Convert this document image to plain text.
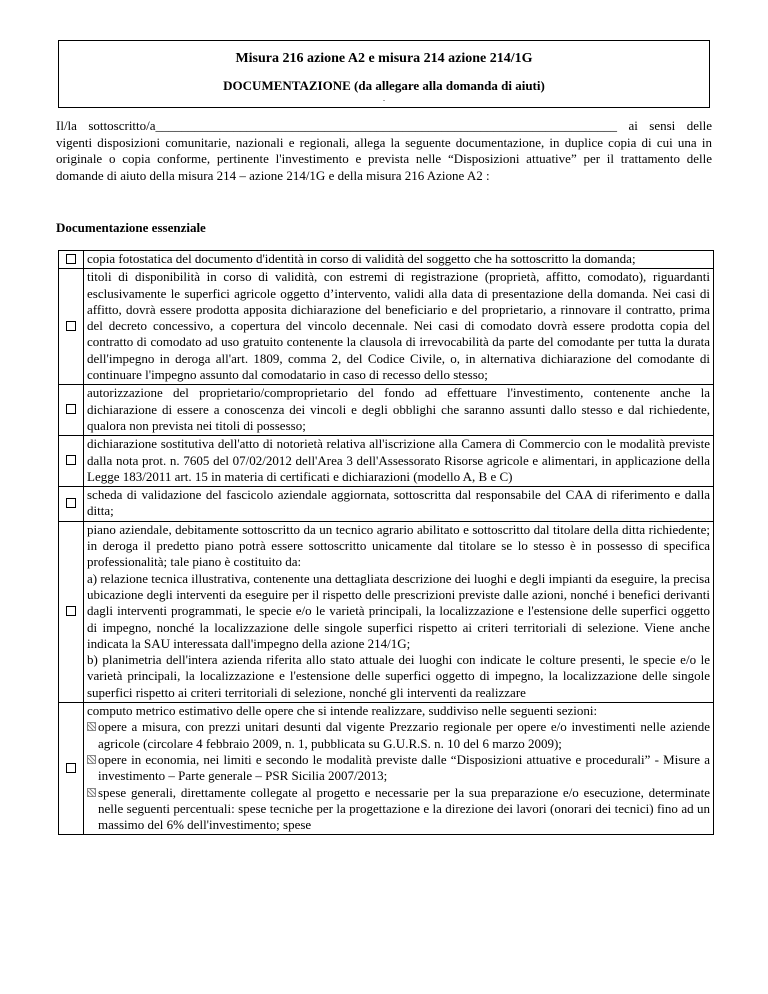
Misura 216 azione A2 e misura 214 azione 214/1G
DOCUMENTAZIONE (da allegare alla domanda di aiuti)
.
Il/la sottoscritto/a_______________________________________________________________________ ai sensi delle vigenti disposizioni comunitarie, nazionali e regionali, allega la seguente documentazione, in duplice copia di cui una in originale o copia conforme, pertinente l'investimento e prevista nelle “Disposizioni attuative” per il trattamento delle domande di aiuto della misura 214 – azione 214/1G e della misura 216 Azione A2 :
Documentazione essenziale

	copia fotostatica del documento d'identità in corso di validità del soggetto che ha sottoscritto la domanda;

	titoli di disponibilità in corso di validità, con estremi di registrazione (proprietà, affitto, comodato), riguardanti esclusivamente le superfici agricole oggetto d’intervento, validi alla data di presentazione della domanda. Nei casi di affitto, dovrà essere prodotta apposita dichiarazione del beneficiario e del proprietario, a rinnovare il contratto, prima del decreto concessivo, a copertura del vincolo decennale. Nei casi di comodato dovrà essere prodotta copia del contratto di comodato ad uso gratuito contenente la clausola di irrevocabilità da parte del comodante per tutta la durata dell'impegno in deroga all'art. 1809, comma 2, del Codice Civile, o, in alternativa dichiarazione del comodante di continuare l'impegno assunto dal comodatario in caso di recesso dello stesso;

	autorizzazione del proprietario/comproprietario del fondo ad effettuare l'investimento, contenente anche la dichiarazione di essere a conoscenza dei vincoli e degli obblighi che saranno assunti dallo stesso e dal richiedente, qualora non prevista nei titoli di possesso;

	dichiarazione sostitutiva dell'atto di notorietà relativa all'iscrizione alla Camera di Commercio con le modalità previste dalla nota prot. n. 7605 del 07/02/2012 dell'Area 3 dell'Assessorato Risorse agricole e alimentari, in applicazione della Legge 183/2011 art. 15 in materia di certificati e dichiarazioni (modello A, B e C)

	scheda di validazione del fascicolo aziendale aggiornata, sottoscritta dal responsabile del CAA di riferimento e dalla ditta;

	piano aziendale, debitamente sottoscritto da un tecnico agrario abilitato e sottoscritto dal titolare della ditta richiedente; in deroga il predetto piano potrà essere sottoscritto unicamente dal titolare se lo stesso è in possesso di specifica professionalità; tale piano è costituito da:
a) relazione tecnica illustrativa, contenente una dettagliata descrizione dei luoghi e degli impianti da eseguire, la precisa ubicazione degli interventi da eseguire per il rispetto delle prescrizioni previste dalle azioni, nonché i benefici derivanti dagli interventi programmati, le specie e/o le varietà principali, la localizzazione e l'estensione delle superfici oggetto di impegno, nonché la localizzazione delle singole superfici rispetto ai criteri territoriali di selezione. Viene anche indicata la SAU interessata dall'impegno della azione 214/1G;
b) planimetria dell'intera azienda riferita allo stato attuale dei luoghi con indicate le colture presenti, le specie e/o le varietà principali, la localizzazione e l'estensione delle superfici oggetto di impegno, la localizzazione delle singole superfici rispetto ai criteri territoriali di selezione, nonché gli interventi da realizzare

	computo metrico estimativo delle opere che si intende realizzare, suddiviso nelle seguenti sezioni:
opere a misura, con prezzi unitari desunti dal vigente Prezzario regionale per opere e/o investimenti nelle aziende agricole (circolare 4 febbraio 2009, n. 1, pubblicata su G.U.R.S. n. 10 del 6 marzo 2009);
opere in economia, nei limiti e secondo le modalità previste dalle “Disposizioni attuative e procedurali” - Misure a investimento – Parte generale – PSR Sicilia 2007/2013;
spese generali, direttamente collegate al progetto e necessarie per la sua preparazione e/o esecuzione, determinate nelle seguenti percentuali: spese tecniche per la progettazione e la direzione dei lavori (onorari dei tecnici) fino ad un massimo del 6% dell'investimento; spese
